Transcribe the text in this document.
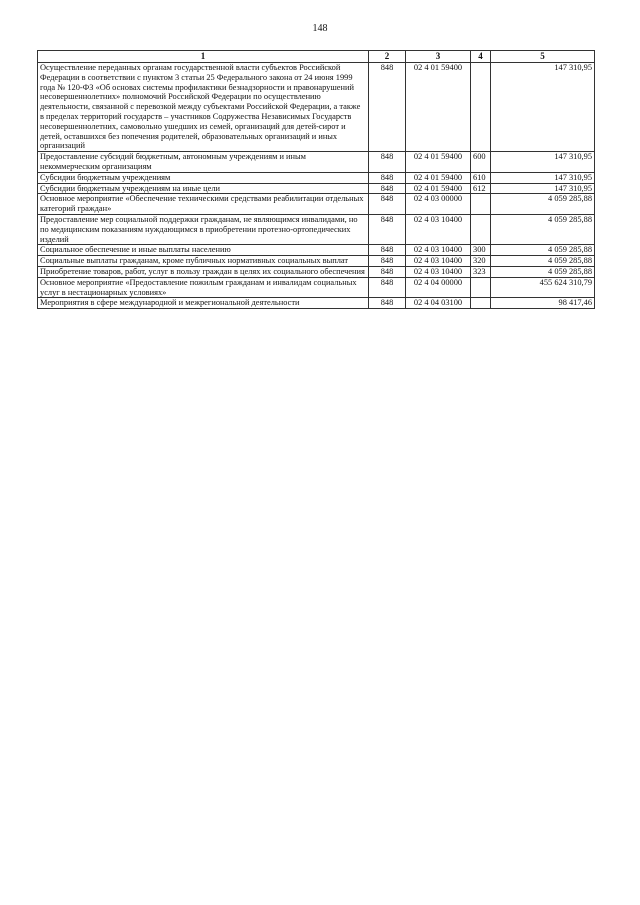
148
1	2	3	4	5
Осуществление переданных органам государственной власти субъектов Российской Федерации в соответствии с пунктом 3 статьи 25 Федерального закона от 24 июня 1999 года № 120-ФЗ «Об основах системы профилактики безнадзорности и правонарушений несовершеннолетних» полномочий Российской Федерации по осуществлению деятельности, связанной с перевозкой между субъектами Российской Федерации, а также в пределах территорий государств – участников Содружества Независимых Государств несовершеннолетних, самовольно ушедших из семей, организаций для детей-сирот и детей, оставшихся без попечения родителей, образовательных организаций и иных организаций	848	02 4 01 59400		147 310,95
Предоставление субсидий бюджетным, автономным учреждениям и иным некоммерческим организациям	848	02 4 01 59400	600	147 310,95
Субсидии бюджетным учреждениям	848	02 4 01 59400	610	147 310,95
Субсидии бюджетным учреждениям на иные цели	848	02 4 01 59400	612	147 310,95
Основное мероприятие «Обеспечение техническими средствами реабилитации отдельных категорий граждан»	848	02 4 03 00000		4 059 285,88
Предоставление мер социальной поддержки гражданам, не являющимся инвалидами, но по медицинским показаниям нуждающимся в приобретении протезно-ортопедических изделий	848	02 4 03 10400		4 059 285,88
Социальное обеспечение и иные выплаты населению	848	02 4 03 10400	300	4 059 285,88
Социальные выплаты гражданам, кроме публичных нормативных социальных выплат	848	02 4 03 10400	320	4 059 285,88
Приобретение товаров, работ, услуг в пользу граждан в целях их социального обеспечения	848	02 4 03 10400	323	4 059 285,88
Основное мероприятие «Предоставление пожилым гражданам и инвалидам социальных услуг в нестационарных условиях»	848	02 4 04 00000		455 624 310,79
Мероприятия в сфере международной и межрегиональной деятельности	848	02 4 04 03100		98 417,46
